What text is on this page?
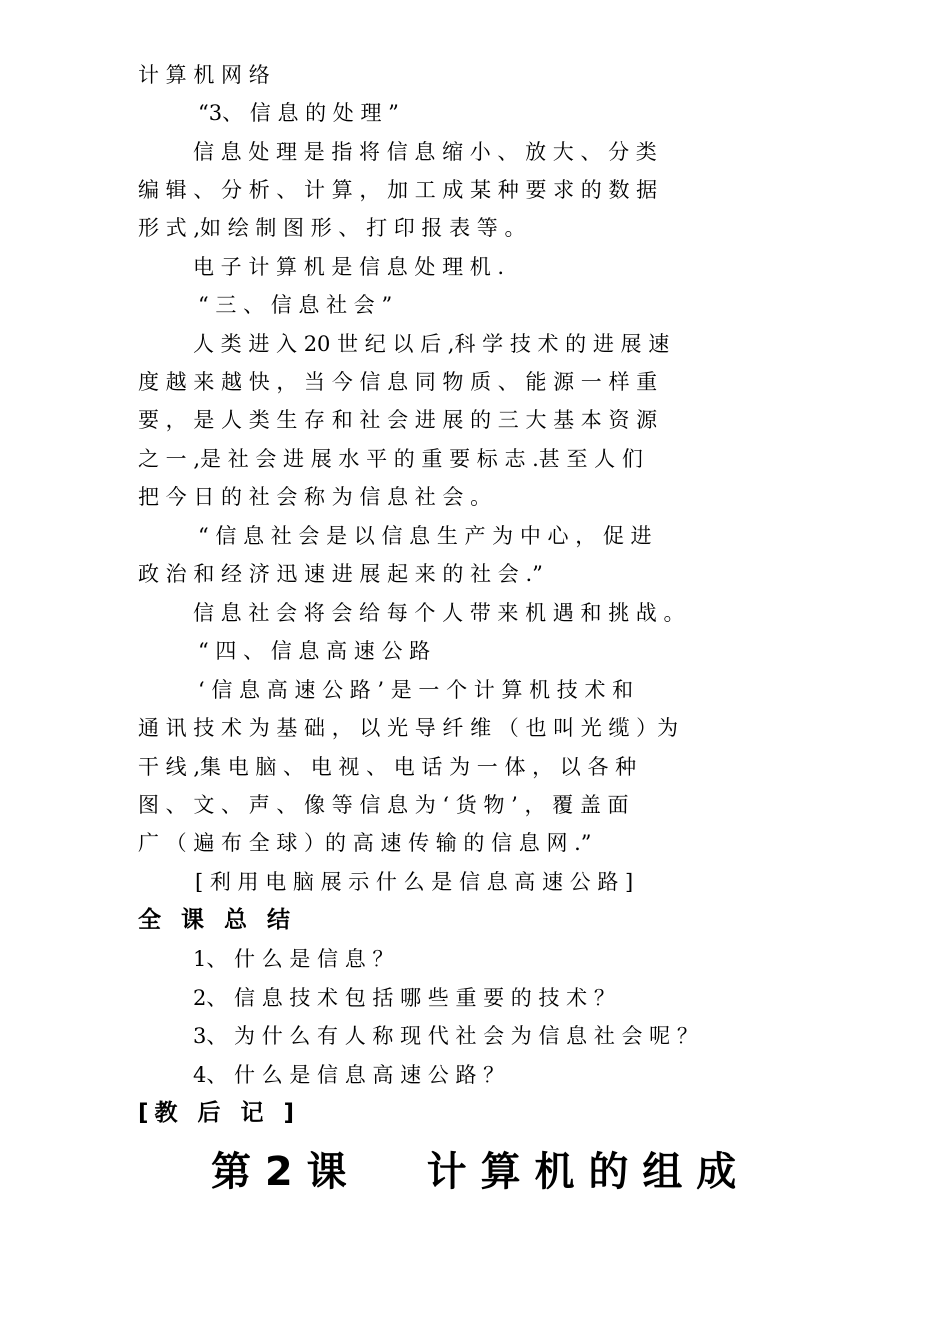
计 算 机 网 络
“3、 信 息 的 处 理 ”
信 息 处 理 是 指 将 信 息 缩 小 、 放 大 、 分 类
编 辑 、 分 析 、 计 算 ， 加 工 成 某 种 要 求 的 数 据
形 式 ,如 绘 制 图 形 、 打 印 报 表 等 。
电 子 计 算 机 是 信 息 处 理 机 .
“ 三 、 信 息 社 会 ”
人 类 进 入 20 世 纪 以 后 ,科 学 技 术 的 进 展 速
度 越 来 越 快 ， 当 今 信 息 同 物 质 、 能 源 一 样 重
要 ， 是 人 类 生 存 和 社 会 进 展 的 三 大 基 本 资 源
之 一 ,是 社 会 进 展 水 平 的 重 要 标 志 .甚 至 人 们
把 今 日 的 社 会 称 为 信 息 社 会 。
“ 信 息 社 会 是 以 信 息 生 产 为 中 心 ， 促 进
政 治 和 经 济 迅 速 进 展 起 来 的 社 会 .”
信 息 社 会 将 会 给 每 个 人 带 来 机 遇 和 挑 战 。
“ 四 、 信 息 高 速 公 路
‘ 信 息 高 速 公 路 ’ 是 一 个 计 算 机 技 术 和
通 讯 技 术 为 基 础 ， 以 光 导 纤 维 （ 也 叫 光 缆 ）为
干 线 ,集 电 脑 、 电 视 、 电 话 为 一 体 ， 以 各 种
图 、 文 、 声 、 像 等 信 息 为 ‘ 货 物 ’ ， 覆 盖 面
广 （ 遍 布 全 球 ）的 高 速 传 输 的 信 息 网 .”
[ 利 用 电 脑 展 示 什 么 是 信 息 高 速 公 路 ]
全 课 总 结
1、 什 么 是 信 息 ？
2、 信 息 技 术 包 括 哪 些 重 要 的 技 术 ？
3、 为 什 么 有 人 称 现 代 社 会 为 信 息 社 会 呢 ？
4、 什 么 是 信 息 高 速 公 路 ？
[教 后 记 ]
第 2 课　　计 算 机 的 组 成
